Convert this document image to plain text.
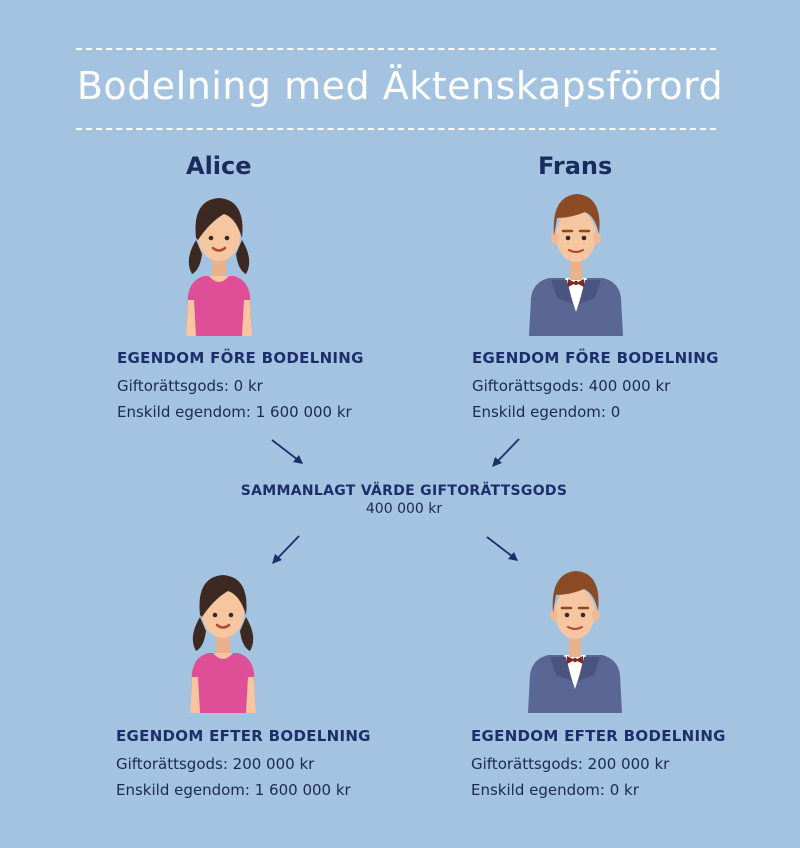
Bodelning med Äktenskapsförord
Alice	Frans
EGENDOM FÖRE BODELNING
Giftorättsgods: 0 kr
Enskild egendom: 1 600 000 kr
EGENDOM FÖRE BODELNING
Giftorättsgods: 400 000 kr
Enskild egendom: 0
SAMMANLAGT VÄRDE GIFTORÄTTSGODS
400 000 kr
EGENDOM EFTER BODELNING
Giftorättsgods: 200 000 kr
Enskild egendom: 1 600 000 kr
EGENDOM EFTER BODELNING
Giftorättsgods: 200 000 kr
Enskild egendom: 0 kr
